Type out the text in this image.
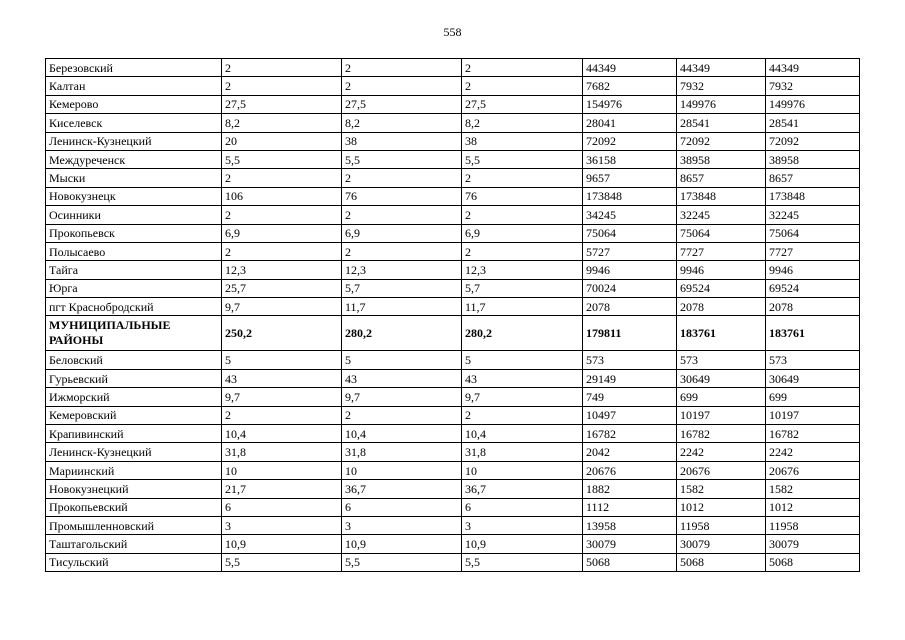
558
Березовский	2	2	2	44349	44349	44349
Калтан	2	2	2	7682	7932	7932
Кемерово	27,5	27,5	27,5	154976	149976	149976
Киселевск	8,2	8,2	8,2	28041	28541	28541
Ленинск-Кузнецкий	20	38	38	72092	72092	72092
Междуреченск	5,5	5,5	5,5	36158	38958	38958
Мыски	2	2	2	9657	8657	8657
Новокузнецк	106	76	76	173848	173848	173848
Осинники	2	2	2	34245	32245	32245
Прокопьевск	6,9	6,9	6,9	75064	75064	75064
Полысаево	2	2	2	5727	7727	7727
Тайга	12,3	12,3	12,3	9946	9946	9946
Юрга	25,7	5,7	5,7	70024	69524	69524
пгт Краснобродский	9,7	11,7	11,7	2078	2078	2078
МУНИЦИПАЛЬНЫЕ РАЙОНЫ	250,2	280,2	280,2	179811	183761	183761
Беловский	5	5	5	573	573	573
Гурьевский	43	43	43	29149	30649	30649
Ижморский	9,7	9,7	9,7	749	699	699
Кемеровский	2	2	2	10497	10197	10197
Крапивинский	10,4	10,4	10,4	16782	16782	16782
Ленинск-Кузнецкий	31,8	31,8	31,8	2042	2242	2242
Мариинский	10	10	10	20676	20676	20676
Новокузнецкий	21,7	36,7	36,7	1882	1582	1582
Прокопьевский	6	6	6	1112	1012	1012
Промышленновский	3	3	3	13958	11958	11958
Таштагольский	10,9	10,9	10,9	30079	30079	30079
Тисульский	5,5	5,5	5,5	5068	5068	5068
